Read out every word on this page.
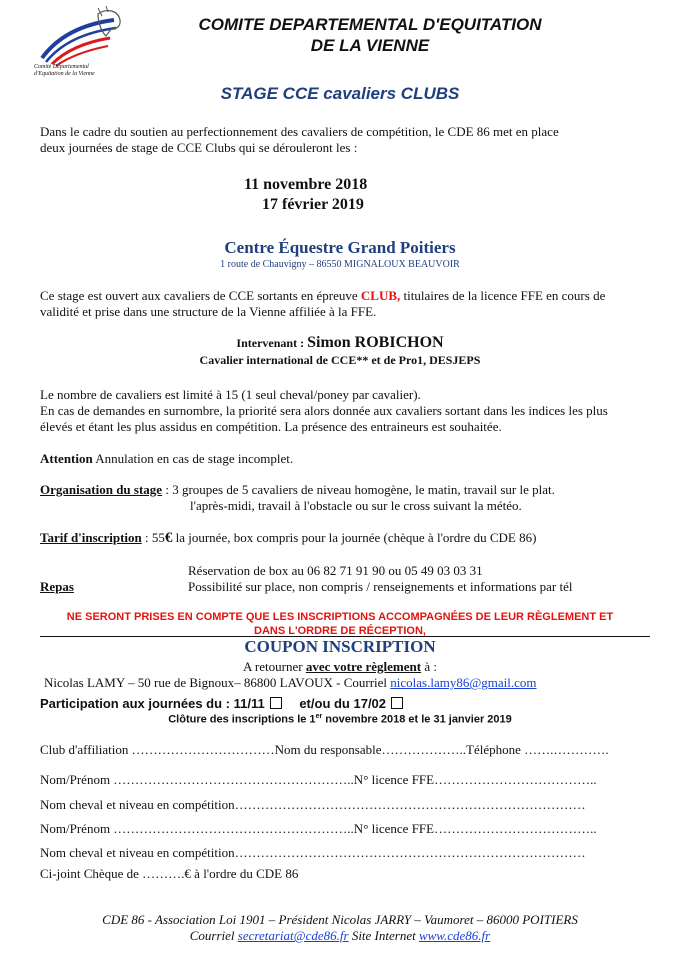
Comité Départemental
d'Equitation de la Vienne
COMITE DEPARTEMENTAL D'EQUITATION
DE LA VIENNE
STAGE CCE cavaliers CLUBS
Dans le cadre du soutien au perfectionnement des cavaliers de compétition, le CDE 86 met en place
deux journées de stage de CCE Clubs qui se dérouleront les :
11 novembre 2018
17 février 2019
Centre Équestre Grand Poitiers
1 route de Chauvigny – 86550 MIGNALOUX BEAUVOIR
Ce stage est ouvert aux cavaliers de CCE sortants en épreuve CLUB, titulaires de la licence FFE en cours de
validité et prise dans une structure de la Vienne affiliée à la FFE.
Intervenant : Simon ROBICHON
Cavalier international de CCE** et de Pro1, DESJEPS
Le nombre de cavaliers est limité à 15 (1 seul cheval/poney par cavalier).
En cas de demandes en surnombre, la priorité sera alors donnée aux cavaliers sortant dans les indices les plus
élevés et étant les plus assidus en compétition. La présence des entraineurs est souhaitée.
Attention Annulation en cas de stage incomplet.
Organisation du stage : 3 groupes de 5 cavaliers de niveau homogène, le matin, travail sur le plat.
l'après-midi, travail à l'obstacle ou sur le cross suivant la météo.
Tarif d'inscription : 55€ la journée, box compris pour la journée (chèque à l'ordre du CDE 86)
Réservation de box au 06 82 71 91 90 ou 05 49 03 03 31
Repas	Possibilité sur place, non compris / renseignements et informations par tél
NE SERONT PRISES EN COMPTE QUE LES INSCRIPTIONS ACCOMPAGNÉES DE LEUR RÈGLEMENT ET
DANS L'ORDRE DE RÉCEPTION,
COUPON INSCRIPTION
A retourner avec votre règlement à :
Nicolas LAMY – 50 rue de Bignoux– 86800 LAVOUX - Courriel nicolas.lamy86@gmail.com
Participation aux journées du : 11/11	et/ou du 17/02
Clôture des inscriptions le 1er novembre 2018 et le 31 janvier 2019
Club d'affiliation ……………………………Nom du responsable………………..Téléphone …….………….
Nom/Prénom ………………………………………………..N° licence FFE………………………………..
Nom cheval et niveau en compétition………………………………………………………………………
Nom/Prénom ………………………………………………..N° licence FFE………………………………..
Nom cheval et niveau en compétition………………………………………………………………………
Ci-joint Chèque de ……….€ à l'ordre du CDE 86
CDE 86 - Association Loi 1901 – Président Nicolas JARRY – Vaumoret – 86000 POITIERS
Courriel secretariat@cde86.fr Site Internet www.cde86.fr
